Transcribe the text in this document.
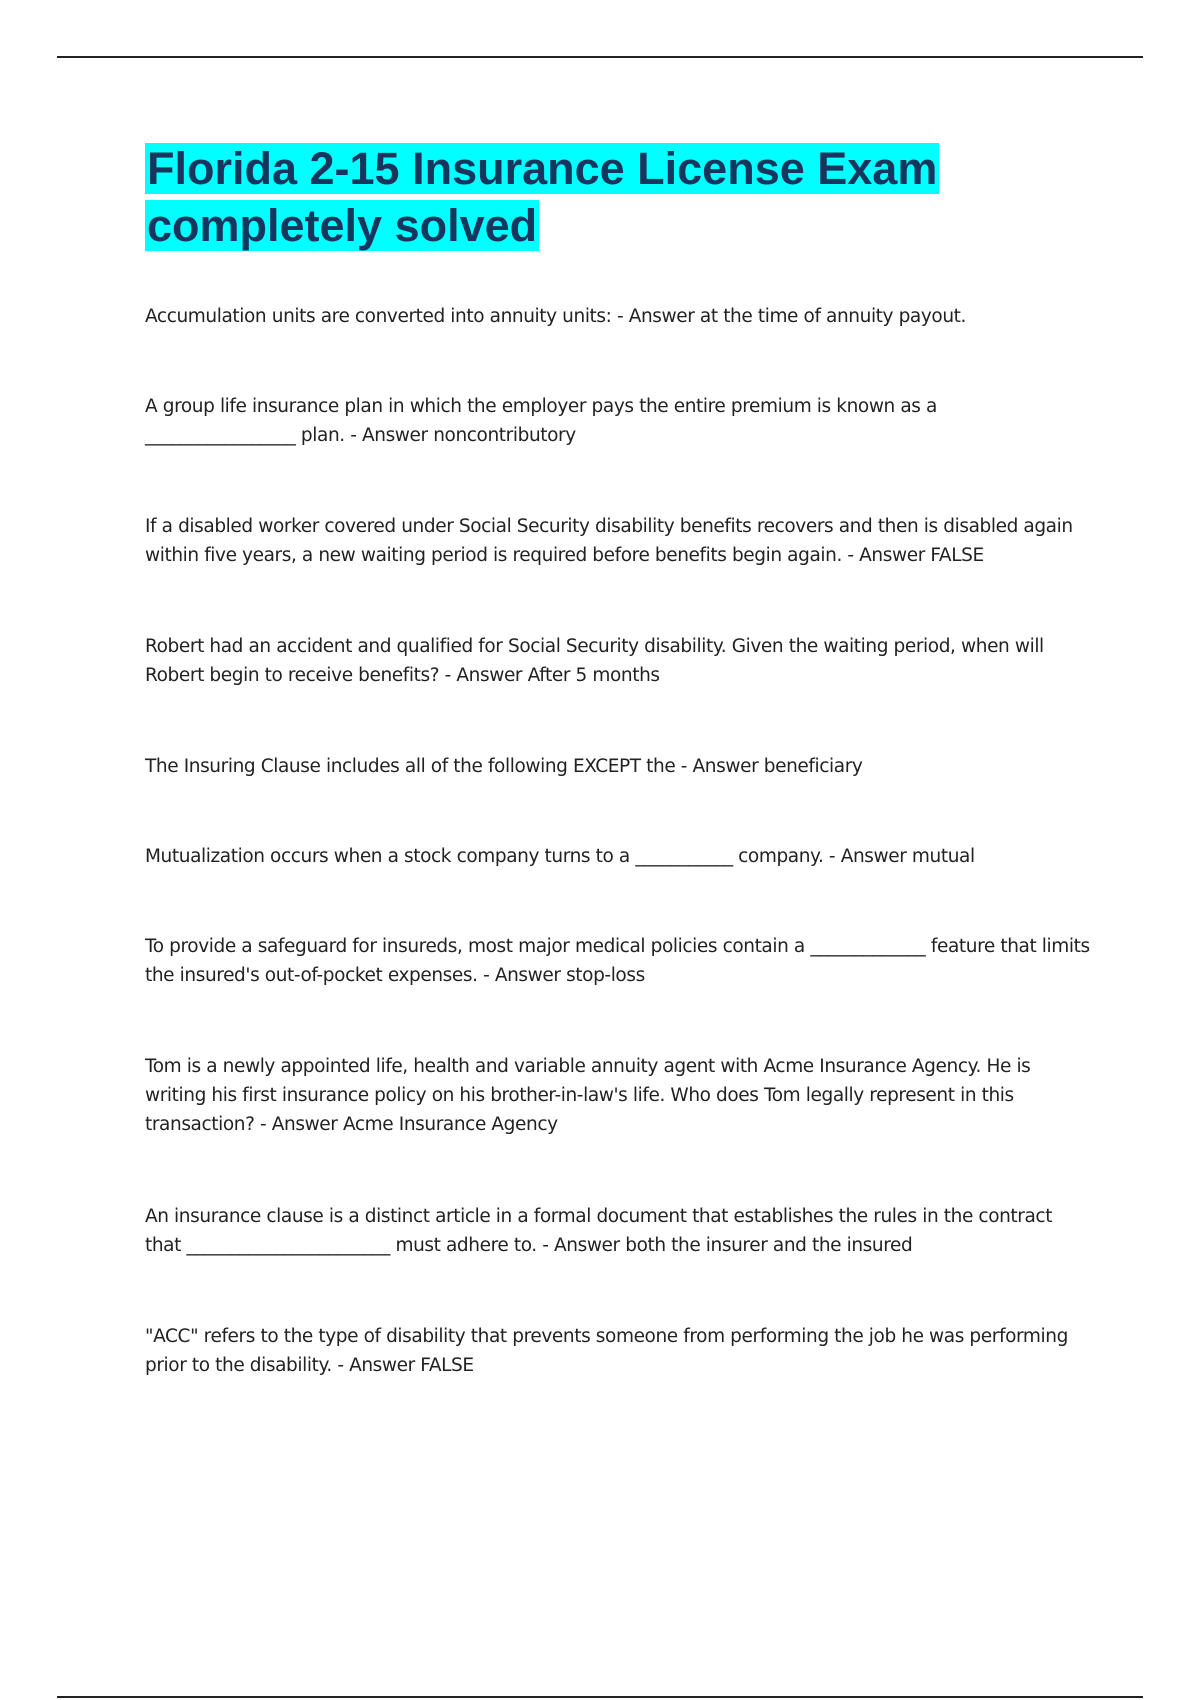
Florida 2-15 Insurance License Exam completely solved
Accumulation units are converted into annuity units: - Answer at the time of annuity payout.
A group life insurance plan in which the employer pays the entire premium is known as a _________________ plan. - Answer noncontributory
If a disabled worker covered under Social Security disability benefits recovers and then is disabled again within five years, a new waiting period is required before benefits begin again. - Answer FALSE
Robert had an accident and qualified for Social Security disability. Given the waiting period, when will Robert begin to receive benefits? - Answer After 5 months
The Insuring Clause includes all of the following EXCEPT the - Answer beneficiary
Mutualization occurs when a stock company turns to a ___________ company. - Answer mutual
To provide a safeguard for insureds, most major medical policies contain a _____________ feature that limits the insured's out-of-pocket expenses. - Answer stop-loss
Tom is a newly appointed life, health and variable annuity agent with Acme Insurance Agency. He is writing his first insurance policy on his brother-in-law's life. Who does Tom legally represent in this transaction? - Answer Acme Insurance Agency
An insurance clause is a distinct article in a formal document that establishes the rules in the contract that _______________________ must adhere to. - Answer both the insurer and the insured
"ACC" refers to the type of disability that prevents someone from performing the job he was performing prior to the disability. - Answer FALSE
